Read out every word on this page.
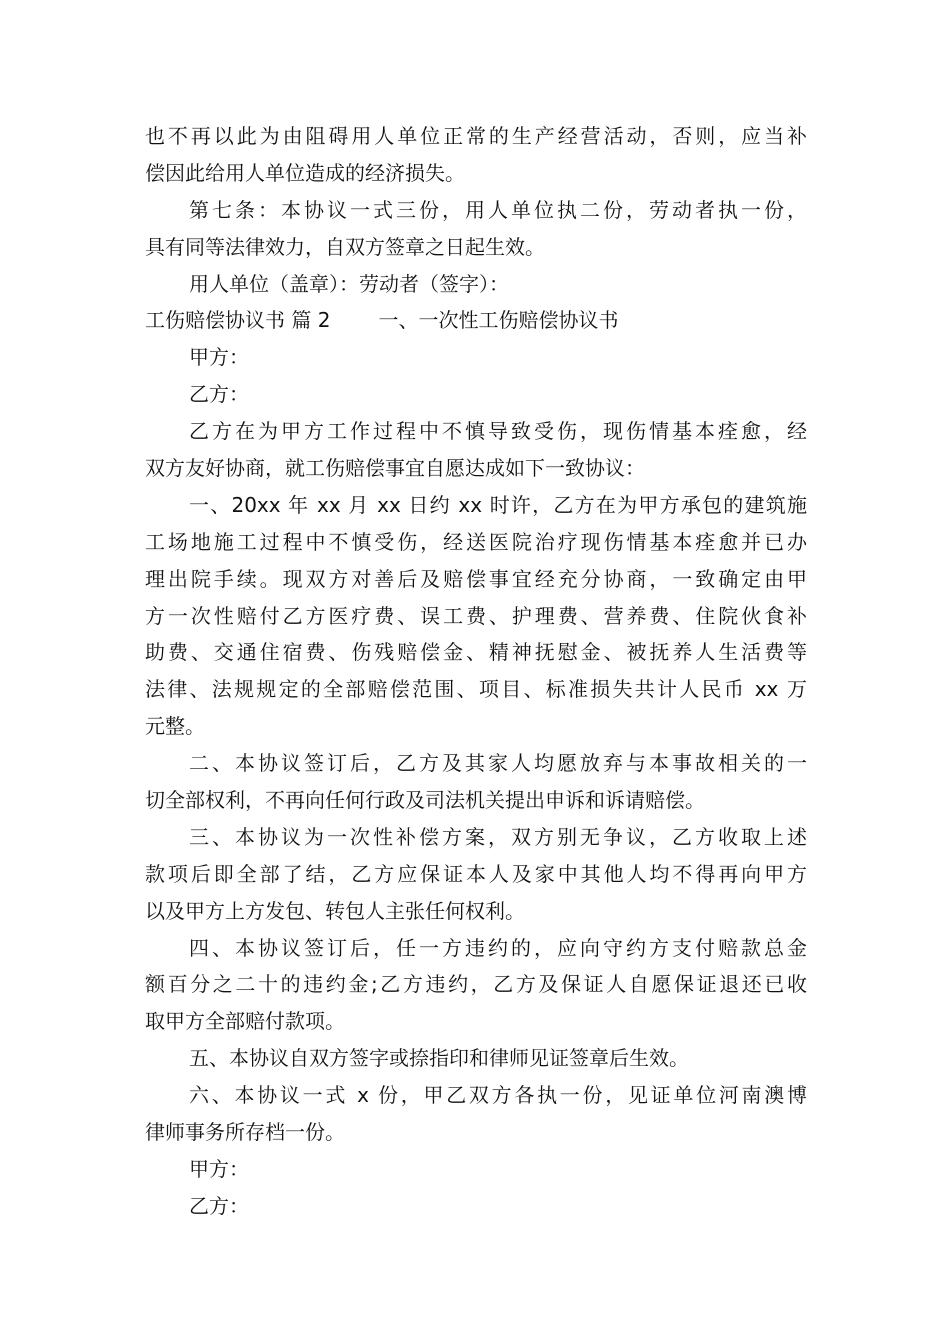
也不再以此为由阻碍用人单位正常的生产经营活动，否则，应当补
偿因此给用人单位造成的经济损失。
第七条：本协议一式三份，用人单位执二份，劳动者执一份，
具有同等法律效力，自双方签章之日起生效。
用人单位（盖章）：劳动者（签字）：
工伤赔偿协议书 篇 2 一、一次性工伤赔偿协议书
甲方：
乙方：
乙方在为甲方工作过程中不慎导致受伤，现伤情基本痊愈，经
双方友好协商，就工伤赔偿事宜自愿达成如下一致协议：
一、20xx 年 xx 月 xx 日约 xx 时许，乙方在为甲方承包的建筑施
工场地施工过程中不慎受伤，经送医院治疗现伤情基本痊愈并已办
理出院手续。现双方对善后及赔偿事宜经充分协商，一致确定由甲
方一次性赔付乙方医疗费、误工费、护理费、营养费、住院伙食补
助费、交通住宿费、伤残赔偿金、精神抚慰金、被抚养人生活费等
法律、法规规定的全部赔偿范围、项目、标准损失共计人民币 xx 万
元整。
二、本协议签订后，乙方及其家人均愿放弃与本事故相关的一
切全部权利，不再向任何行政及司法机关提出申诉和诉请赔偿。
三、本协议为一次性补偿方案，双方别无争议，乙方收取上述
款项后即全部了结，乙方应保证本人及家中其他人均不得再向甲方
以及甲方上方发包、转包人主张任何权利。
四、本协议签订后，任一方违约的，应向守约方支付赔款总金
额百分之二十的违约金;乙方违约，乙方及保证人自愿保证退还已收
取甲方全部赔付款项。
五、本协议自双方签字或捺指印和律师见证签章后生效。
六、本协议一式 x 份，甲乙双方各执一份，见证单位河南澳博
律师事务所存档一份。
甲方：
乙方：
